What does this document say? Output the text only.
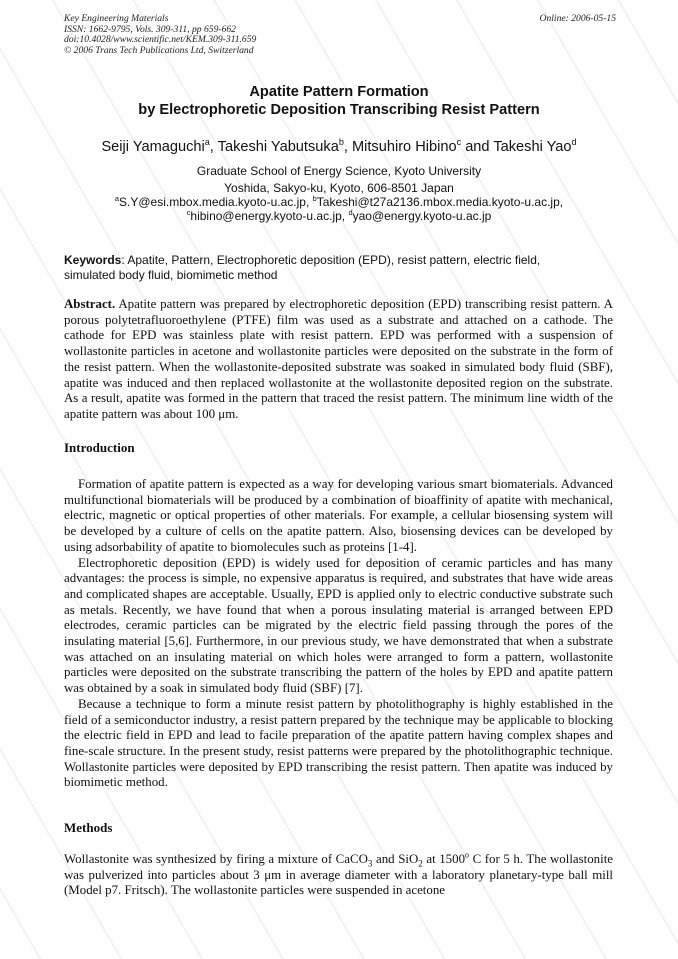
Key Engineering Materials
ISSN: 1662-9795, Vols. 309-311, pp 659-662
doi:10.4028/www.scientific.net/KEM.309-311.659
© 2006 Trans Tech Publications Ltd, Switzerland
Online: 2006-05-15
Apatite Pattern Formation
by Electrophoretic Deposition Transcribing Resist Pattern
Seiji Yamaguchi$^a$, Takeshi Yabutsuka$^b$, Mitsuhiro Hibino$^c$ and Takeshi Yao$^d$
Graduate School of Energy Science, Kyoto University
Yoshida, Sakyo-ku, Kyoto, 606-8501 Japan
$^a$S.Y@esi.mbox.media.kyoto-u.ac.jp, $^b$Takeshi@t27a2136.mbox.media.kyoto-u.ac.jp,
$^c$hibino@energy.kyoto-u.ac.jp, $^d$yao@energy.kyoto-u.ac.jp
Keywords: Apatite, Pattern, Electrophoretic deposition (EPD), resist pattern, electric field, simulated body fluid, biomimetic method

Abstract. Apatite pattern was prepared by electrophoretic deposition (EPD) transcribing resist pattern. A porous polytetrafluoroethylene (PTFE) film was used as a substrate and attached on a cathode. The cathode for EPD was stainless plate with resist pattern. EPD was performed with a suspension of wollastonite particles in acetone and wollastonite particles were deposited on the substrate in the form of the resist pattern. When the wollastonite-deposited substrate was soaked in simulated body fluid (SBF), apatite was induced and then replaced wollastonite at the wollastonite deposited region on the substrate. As a result, apatite was formed in the pattern that traced the resist pattern. The minimum line width of the apatite pattern was about 100 μm.

Introduction

Formation of apatite pattern is expected as a way for developing various smart biomaterials. Advanced multifunctional biomaterials will be produced by a combination of bioaffinity of apatite with mechanical, electric, magnetic or optical properties of other materials. For example, a cellular biosensing system will be developed by a culture of cells on the apatite pattern. Also, biosensing devices can be developed by using adsorbability of apatite to biomolecules such as proteins [1-4].

Electrophoretic deposition (EPD) is widely used for deposition of ceramic particles and has many advantages: the process is simple, no expensive apparatus is required, and substrates that have wide areas and complicated shapes are acceptable. Usually, EPD is applied only to electric conductive substrate such as metals. Recently, we have found that when a porous insulating material is arranged between EPD electrodes, ceramic particles can be migrated by the electric field passing through the pores of the insulating material [5,6]. Furthermore, in our previous study, we have demonstrated that when a substrate was attached on an insulating material on which holes were arranged to form a pattern, wollastonite particles were deposited on the substrate transcribing the pattern of the holes by EPD and apatite pattern was obtained by a soak in simulated body fluid (SBF) [7].

Because a technique to form a minute resist pattern by photolithography is highly established in the field of a semiconductor industry, a resist pattern prepared by the technique may be applicable to blocking the electric field in EPD and lead to facile preparation of the apatite pattern having complex shapes and fine-scale structure. In the present study, resist patterns were prepared by the photolithographic technique. Wollastonite particles were deposited by EPD transcribing the resist pattern. Then apatite was induced by biomimetic method.

Methods

Wollastonite was synthesized by firing a mixture of CaCO$_3$ and SiO$_2$ at 1500$^o$ C for 5 h. The wollastonite was pulverized into particles about 3 μm in average diameter with a laboratory planetary-type ball mill (Model p7. Fritsch). The wollastonite particles were suspended in acetone
